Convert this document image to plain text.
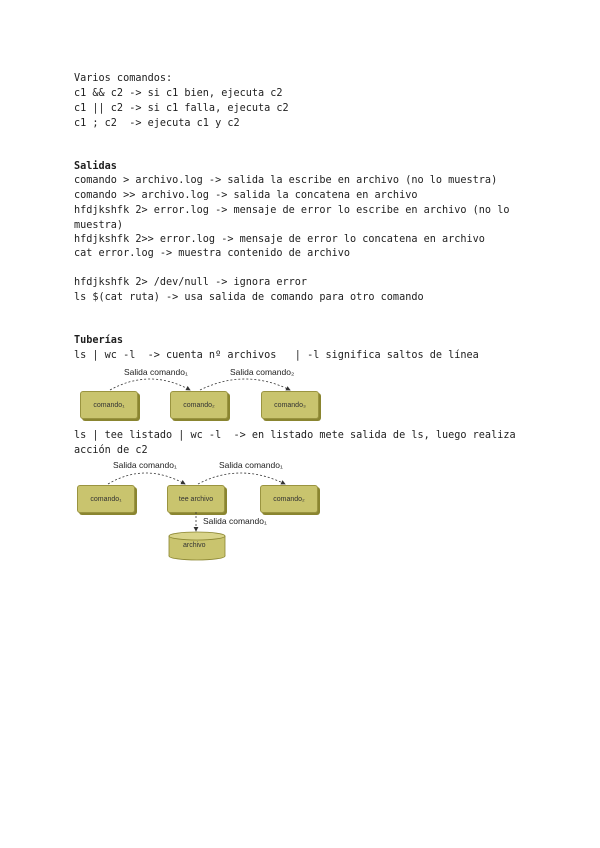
Varios comandos:
c1 && c2 -> si c1 bien, ejecuta c2
c1 || c2 -> si c1 falla, ejecuta c2
c1 ; c2  -> ejecuta c1 y c2
Salidas
comando > archivo.log -> salida la escribe en archivo (no lo muestra)
comando >> archivo.log -> salida la concatena en archivo
hfdjkshfk 2> error.log -> mensaje de error lo escribe en archivo (no lo muestra)
hfdjkshfk 2>> error.log -> mensaje de error lo concatena en archivo
cat error.log -> muestra contenido de archivo
hfdjkshfk 2> /dev/null -> ignora error
ls $(cat ruta) -> usa salida de comando para otro comando
Tuberías
ls | wc -l  -> cuenta nº archivos   | -l significa saltos de línea
Salida comando₁	Salida comando₂
comando₁	comando₂	comando₃
ls | tee listado | wc -l  -> en listado mete salida de ls, luego realiza acción de c2
Salida comando₁	Salida comando₁
comando₁	tee archivo	comando₂
Salida comando₁
archivo
